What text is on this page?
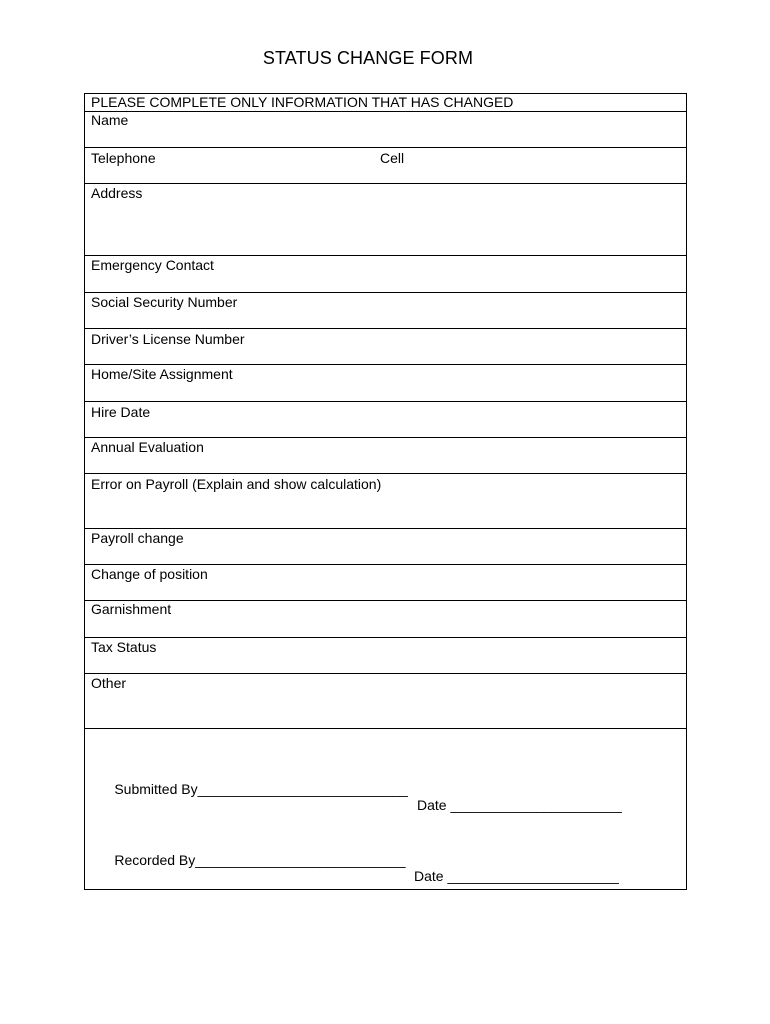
STATUS CHANGE FORM
PLEASE COMPLETE ONLY INFORMATION THAT HAS CHANGED
Name
Telephone	Cell
Address
Emergency Contact
Social Security Number
Driver’s License Number
Home/Site Assignment
Hire Date
Annual Evaluation
Error on Payroll (Explain and show calculation)
Payroll change
Change of position
Garnishment
Tax Status
Other

Submitted By___________________________

Date ______________________

Recorded By___________________________

Date ______________________
